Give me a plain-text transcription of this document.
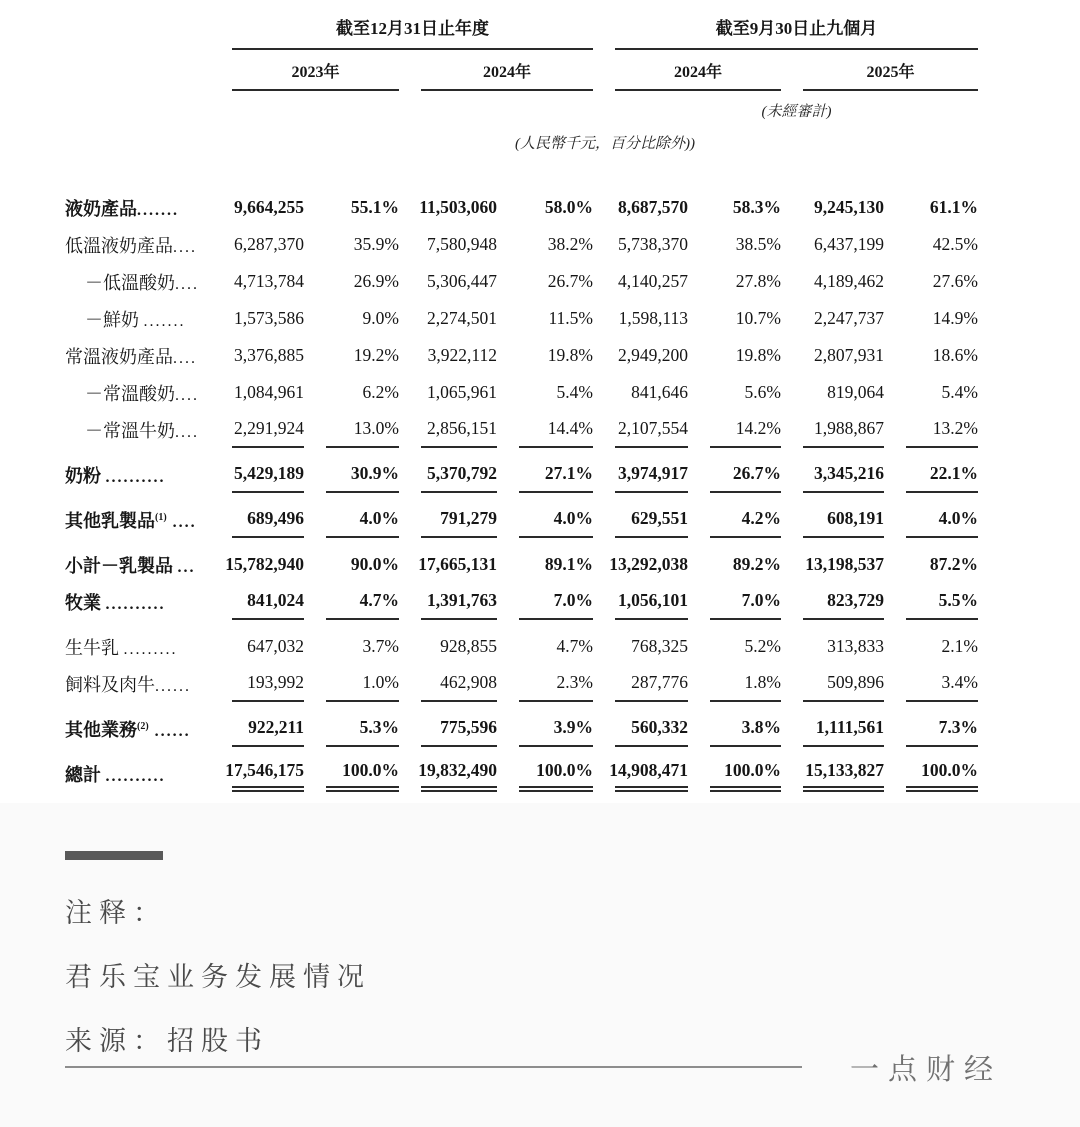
截至12月31日止年度	截至9月30日止九個月
2023年	2024年	2024年	2025年
(未經審計)
(人民幣千元，百分比除外))
液奶產品.......	9,664,255	55.1% 11,503,060	58.0% 8,687,570	58.3%	9,245,130	61.1%
低溫液奶產品....	6,287,370	35.9%	7,580,948	38.2% 5,738,370	38.5%	6,437,199	42.5%
－低溫酸奶....	4,713,784	26.9%	5,306,447	26.7% 4,140,257	27.8%	4,189,462	27.6%
－鮮奶 .......	1,573,586	9.0%	2,274,501	11.5% 1,598,113	10.7%	2,247,737	14.9%
常溫液奶產品....	3,376,885	19.2%	3,922,112	19.8% 2,949,200	19.8%	2,807,931	18.6%
－常溫酸奶....	1,084,961	6.2%	1,065,961	5.4%	841,646	5.6%	819,064	5.4%
－常溫牛奶....	2,291,924	13.0%	2,856,151	14.4% 2,107,554	14.2%	1,988,867	13.2%
奶粉 ..........	5,429,189	30.9%	5,370,792	27.1% 3,974,917	26.7%	3,345,216	22.1%
其他乳製品$^{(1)}$ ....	689,496	4.0%	791,279	4.0%	629,551	4.2%	608,191	4.0%
小計－乳製品 ...	15,782,940	90.0% 17,665,131	89.1% 13,292,038	89.2% 13,198,537	87.2%
牧業 ..........	841,024	4.7%	1,391,763	7.0% 1,056,101	7.0%	823,729	5.5%
生牛乳 .........	647,032	3.7%	928,855	4.7%	768,325	5.2%	313,833	2.1%
飼料及肉牛......	193,992	1.0%	462,908	2.3%	287,776	1.8%	509,896	3.4%
其他業務$^{(2)}$ ......	922,211	5.3%	775,596	3.9%	560,332	3.8%	1,111,561	7.3%
總計 ..........	17,546,175	100.0% 19,832,490	100.0% 14,908,471	100.0% 15,133,827	100.0%
注释：
君乐宝业务发展情况
来源：招股书
一点财经
